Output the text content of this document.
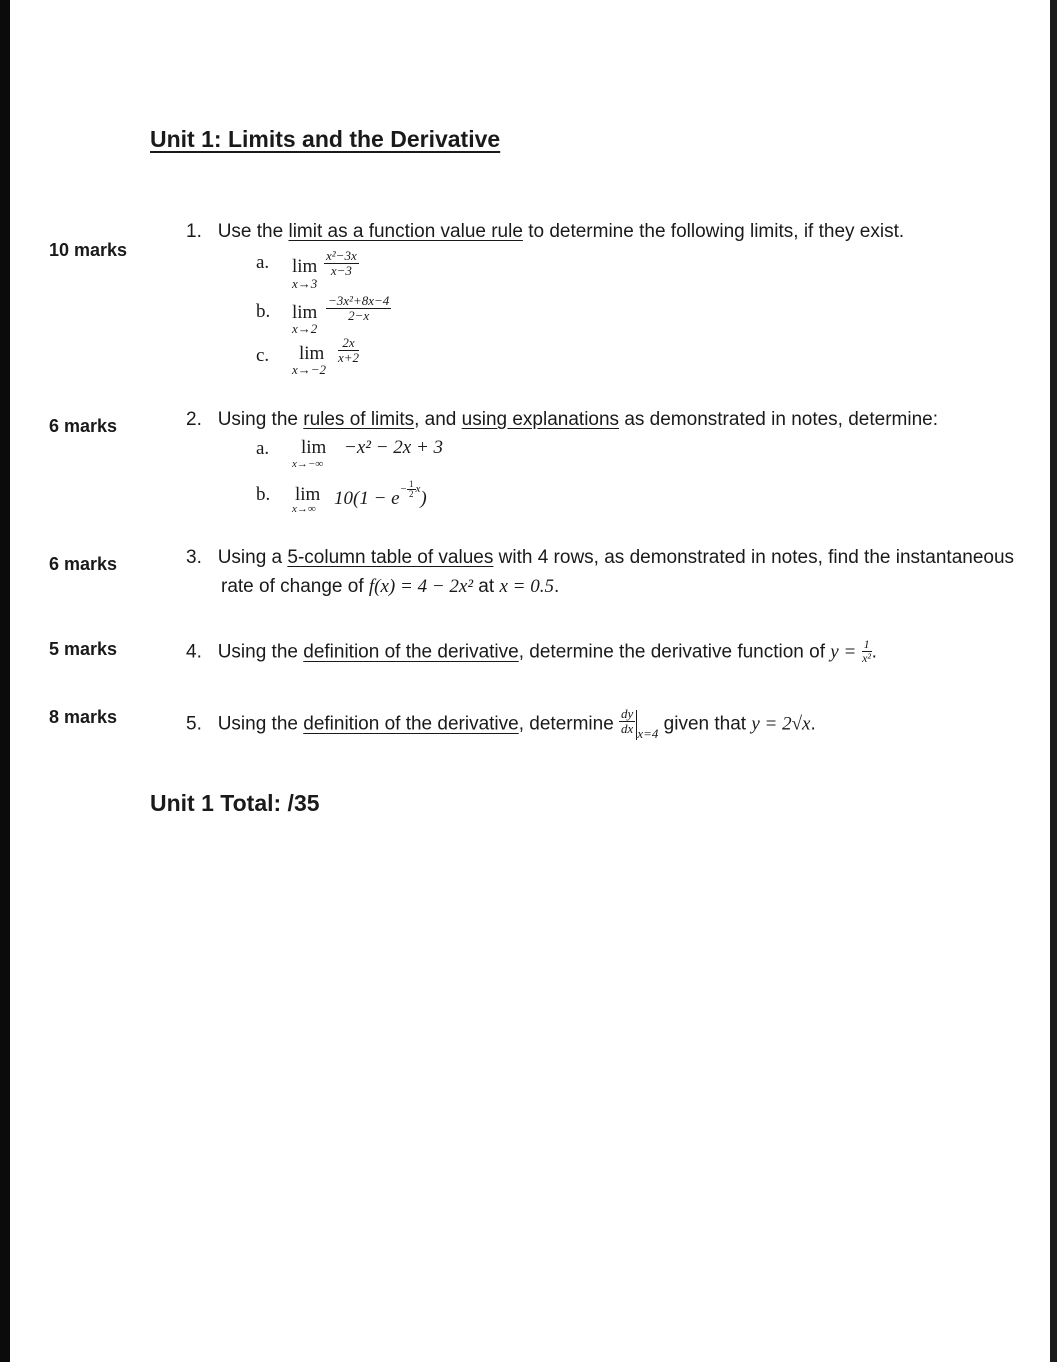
Unit 1: Limits and the Derivative
10 marks
1. Use the limit as a function value rule to determine the following limits, if they exist.
a. lim
x→3
$\frac{\text{x²−3x}}{x-3}$
b. lim
x→2
$\frac{\text{−3x²+8x−4}}{2-x}$
c. lim
x→−2
$\frac{2x}{x+2}$
6 marks	2. Using the rules of limits, and using explanations as demonstrated in notes, determine:
a. lim
x→−∞
−x² − 2x + 3
b. lim
x→∞
$10(1 - e^{- \frac{1}{2} x})$
6 marks	3. Using a 5-column table of values with 4 rows, as demonstrated in notes, find the instantaneous
rate of change of f(x) = 4 − 2x² at x = 0.5.
5 marks	4. Using the definition of the derivative, determine the derivative function of $y = \frac{1}{\text{x²}}$ .
8 marks	5. Using the definition of the derivative, determine $\frac{dy}{dx} _{x=4}$ given that y = 2√x.
Unit 1 Total: /35
